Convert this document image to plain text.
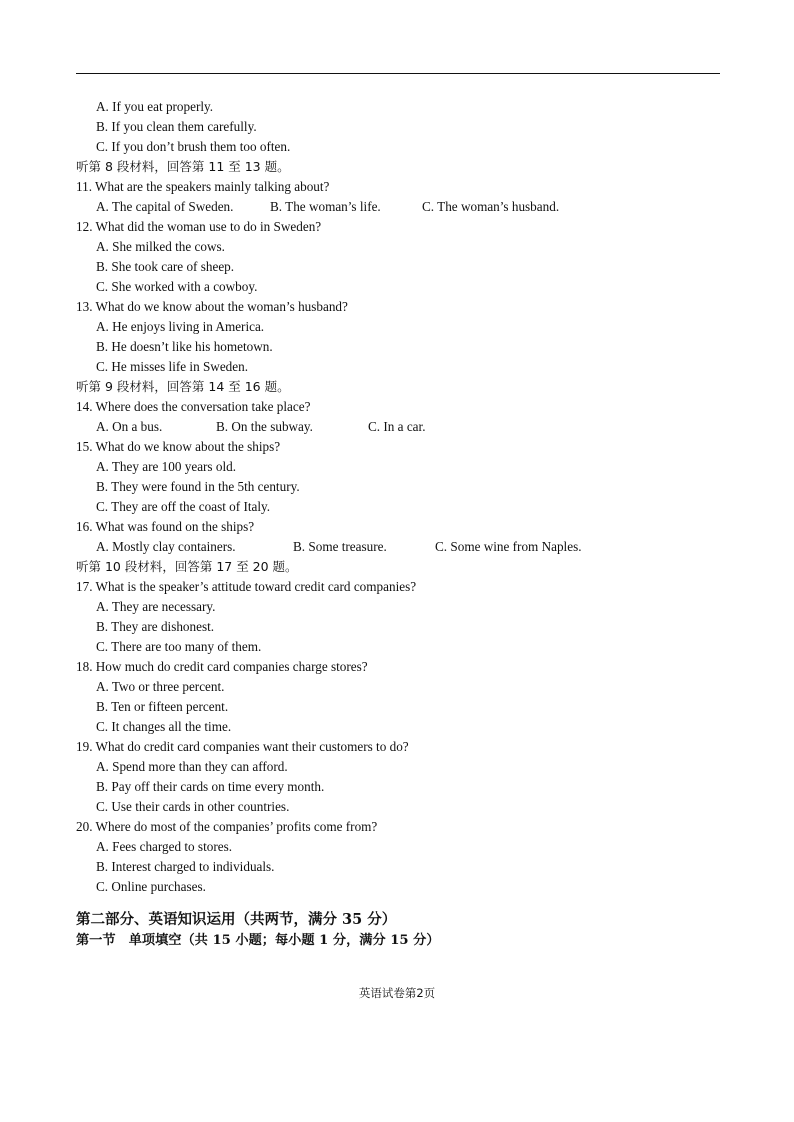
A. If you eat properly.
B. If you clean them carefully.
C. If you don’t brush them too often.
听第 8 段材料，回答第 11 至 13 题。
11. What are the speakers mainly talking about?
A. The capital of Sweden.	B. The woman’s life.	C. The woman’s husband.
12. What did the woman use to do in Sweden?
A. She milked the cows.
B. She took care of sheep.
C. She worked with a cowboy.
13. What do we know about the woman’s husband?
A. He enjoys living in America.
B. He doesn’t like his hometown.
C. He misses life in Sweden.
听第 9 段材料，回答第 14 至 16 题。
14. Where does the conversation take place?
A. On a bus.	B. On the subway.	C. In a car.
15. What do we know about the ships?
A. They are 100 years old.
B. They were found in the 5th century.
C. They are off the coast of Italy.
16. What was found on the ships?
A. Mostly clay containers.	B. Some treasure.	C. Some wine from Naples.
听第 10 段材料，回答第 17 至 20 题。
17. What is the speaker’s attitude toward credit card companies?
A. They are necessary.
B. They are dishonest.
C. There are too many of them.
18. How much do credit card companies charge stores?
A. Two or three percent.
B. Ten or fifteen percent.
C. It changes all the time.
19. What do credit card companies want their customers to do?
A. Spend more than they can afford.
B. Pay off their cards on time every month.
C. Use their cards in other countries.
20. Where do most of the companies’ profits come from?
A. Fees charged to stores.
B. Interest charged to individuals.
C. Online purchases.
第二部分、英语知识运用（共两节，满分 35 分）
第一节　单项填空（共 15 小题；每小题 1 分，满分 15 分）
英语试卷第2页
